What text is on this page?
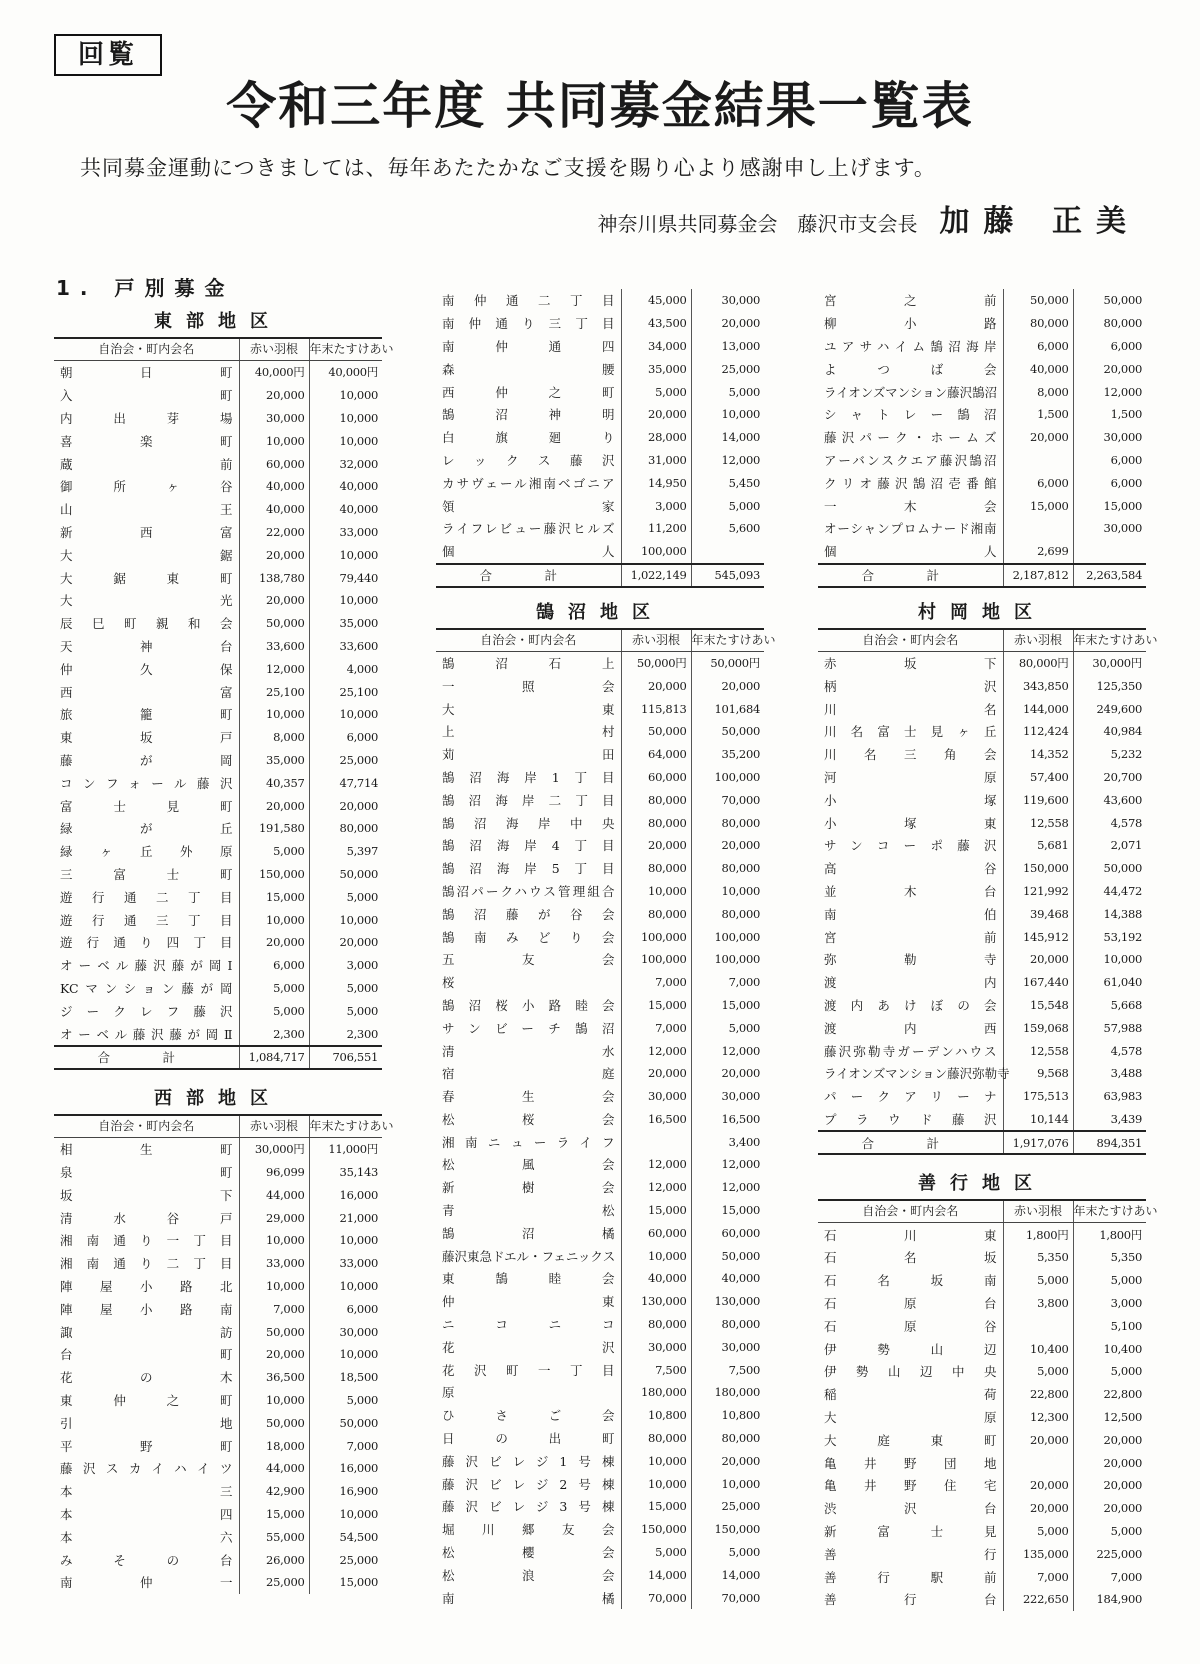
回覧
令和三年度 共同募金結果一覧表
共同募金運動につきましては、毎年あたたかなご支援を賜り心より感謝申し上げます。
神奈川県共同募金会　藤沢市支会長 加藤 正美
1. 戸別募金
東部地区
自治会・町内会名	赤い羽根	年末たすけあい
朝日町	40,000円	40,000円
入町	20,000	10,000
内出芽場	30,000	10,000
喜楽町	10,000	10,000
蔵前	60,000	32,000
御所ヶ谷	40,000	40,000
山王	40,000	40,000
新西富	22,000	33,000
大鋸	20,000	10,000
大鋸東町	138,780	79,440
大光	20,000	10,000
辰巳町親和会	50,000	35,000
天神台	33,600	33,600
仲久保	12,000	4,000
西富	25,100	25,100
旅籠町	10,000	10,000
東坂戸	8,000	6,000
藤が岡	35,000	25,000
コンフォール藤沢	40,357	47,714
富士見町	20,000	20,000
緑が丘	191,580	80,000
緑ヶ丘外原	5,000	5,397
三富士町	150,000	50,000
遊行通二丁目	15,000	5,000
遊行通三丁目	10,000	10,000
遊行通り四丁目	20,000	20,000
オーベル藤沢藤が岡Ⅰ	6,000	3,000
KCマンション藤が岡	5,000	5,000
ジークレフ藤沢	5,000	5,000
オーベル藤沢藤が岡Ⅱ	2,300	2,300
合　計	1,084,717	706,551
西部地区
自治会・町内会名	赤い羽根	年末たすけあい
相生町	30,000円	11,000円
泉町	96,099	35,143
坂下	44,000	16,000
清水谷戸	29,000	21,000
湘南通り一丁目	10,000	10,000
湘南通り二丁目	33,000	33,000
陣屋小路北	10,000	10,000
陣屋小路南	7,000	6,000
諏訪	50,000	30,000
台町	20,000	10,000
花の木	36,500	18,500
東仲之町	10,000	5,000
引地	50,000	50,000
平野町	18,000	7,000
藤沢スカイハイツ	44,000	16,000
本三	42,900	16,900
本四	15,000	10,000
本六	55,000	54,500
みその台	26,000	25,000
南仲一	25,000	15,000
南仲通二丁目	45,000	30,000
南仲通り三丁目	43,500	20,000
南仲通四	34,000	13,000
森腰	35,000	25,000
西仲之町	5,000	5,000
鵠沼神明	20,000	10,000
白旗廻り	28,000	14,000
レックス藤沢	31,000	12,000
カサヴェール湘南ベゴニア	14,950	5,450
領家	3,000	5,000
ライフレビュー藤沢ヒルズ	11,200	5,600
個人	100,000	
合　計	1,022,149	545,093
鵠沼地区
自治会・町内会名	赤い羽根	年末たすけあい
鵠沼石上	50,000円	50,000円
一照会	20,000	20,000
大東	115,813	101,684
上村	50,000	50,000
苅田	64,000	35,200
鵠沼海岸1丁目	60,000	100,000
鵠沼海岸二丁目	80,000	70,000
鵠沼海岸中央	80,000	80,000
鵠沼海岸4丁目	20,000	20,000
鵠沼海岸5丁目	80,000	80,000
鵠沼パークハウス管理組合	10,000	10,000
鵠沼藤が谷会	80,000	80,000
鵠南みどり会	100,000	100,000
五友会	100,000	100,000
桜	7,000	7,000
鵠沼桜小路睦会	15,000	15,000
サンビーチ鵠沼	7,000	5,000
清水	12,000	12,000
宿庭	20,000	20,000
春生会	30,000	30,000
松桜会	16,500	16,500
湘南ニューライフ		3,400
松風会	12,000	12,000
新樹会	12,000	12,000
青松	15,000	15,000
鵠沼橘	60,000	60,000
藤沢東急ドエル・フェニックス	10,000	50,000
東鵠睦会	40,000	40,000
仲東	130,000	130,000
ニコニコ	80,000	80,000
花沢	30,000	30,000
花沢町一丁目	7,500	7,500
原	180,000	180,000
ひさご会	10,800	10,800
日の出町	80,000	80,000
藤沢ビレジ1号棟	10,000	20,000
藤沢ビレジ2号棟	10,000	10,000
藤沢ビレジ3号棟	15,000	25,000
堀川郷友会	150,000	150,000
松櫻会	5,000	5,000
松浪会	14,000	14,000
南橘	70,000	70,000
宮之前	50,000	50,000
柳小路	80,000	80,000
ユアサハイム鵠沼海岸	6,000	6,000
よつば会	40,000	20,000
ライオンズマンション藤沢鵠沼	8,000	12,000
シャトレー鵠沼	1,500	1,500
藤沢パーク・ホームズ	20,000	30,000
アーバンスクエア藤沢鵠沼		6,000
クリオ藤沢鵠沼壱番館	6,000	6,000
一木会	15,000	15,000
オーシャンプロムナード湘南		30,000
個人	2,699	
合　計	2,187,812	2,263,584
村岡地区
自治会・町内会名	赤い羽根	年末たすけあい
赤坂下	80,000円	30,000円
柄沢	343,850	125,350
川名	144,000	249,600
川名富士見ヶ丘	112,424	40,984
川名三角会	14,352	5,232
河原	57,400	20,700
小塚	119,600	43,600
小塚東	12,558	4,578
サンコーポ藤沢	5,681	2,071
高谷	150,000	50,000
並木台	121,992	44,472
南伯	39,468	14,388
宮前	145,912	53,192
弥勒寺	20,000	10,000
渡内	167,440	61,040
渡内あけぼの会	15,548	5,668
渡内西	159,068	57,988
藤沢弥勒寺ガーデンハウス	12,558	4,578
ライオンズマンション藤沢弥勒寺	9,568	3,488
パークアリーナ	175,513	63,983
プラウド藤沢	10,144	3,439
合　計	1,917,076	894,351
善行地区
自治会・町内会名	赤い羽根	年末たすけあい
石川東	1,800円	1,800円
石名坂	5,350	5,350
石名坂南	5,000	5,000
石原台	3,800	3,000
石原谷		5,100
伊勢山辺	10,400	10,400
伊勢山辺中央	5,000	5,000
稲荷	22,800	22,800
大原	12,300	12,500
大庭東町	20,000	20,000
亀井野団地		20,000
亀井野住宅	20,000	20,000
渋沢台	20,000	20,000
新富士見	5,000	5,000
善行	135,000	225,000
善行駅前	7,000	7,000
善行台	222,650	184,900
